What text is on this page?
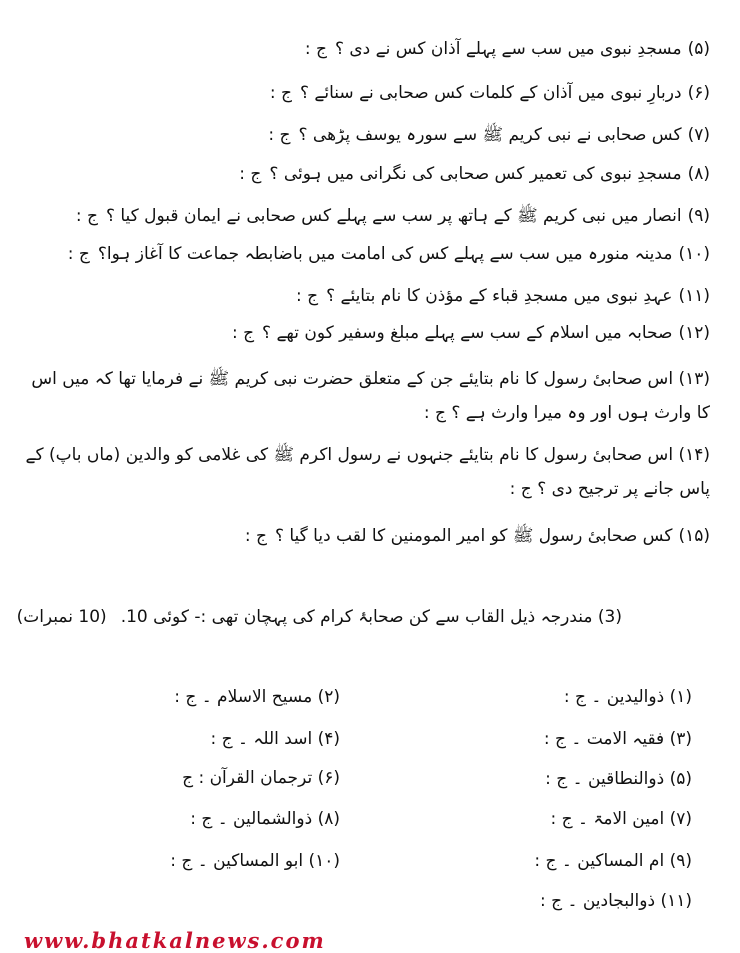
(۵)مسجدِ نبوی میں سب سے پہلے آذان کس نے دی ؟ج :
(۶)دربارِ نبوی میں آذان کے کلمات کس صحابی نے سنائے ؟ج :
(۷)کس صحابی نے نبی کریم ﷺ سے سورہ یوسف پڑھی ؟ج :
(۸)مسجدِ نبوی کی تعمیر کس صحابی کی نگرانی میں ہوئی ؟ج :
(۹)انصار میں نبی کریم ﷺ کے ہاتھ پر سب سے پہلے کس صحابی نے ایمان قبول کیا ؟ج :
(۱۰)مدینہ منورہ میں سب سے پہلے کس کی امامت میں باضابطہ جماعت کا آغاز ہوا؟ج :
(۱۱)عہدِ نبوی میں مسجدِ قباء کے مؤذن کا نام بتایئے ؟ج :
(۱۲)صحابہ میں اسلام کے سب سے پہلے مبلغ وسفیر کون تھے ؟ج :
(۱۳) اس صحابیٔ رسول کا نام بتایئے جن کے متعلق حضرت نبی کریم ﷺ نے فرمایا تھا کہ میں اس کا وارث ہوں اور وہ میرا وارث ہے ؟ ج :
(۱۴) اس صحابیٔ رسول کا نام بتایئے جنہوں نے رسول اکرم ﷺ کی غلامی کو والدین (ماں باپ) کے پاس جانے پر ترجیح دی ؟ ج :
(۱۵)کس صحابیٔ رسول ﷺ کو امیر المومنین کا لقب دیا گیا ؟ج :
(3) مندرجہ ذیل القاب سے کن صحابۂ کرام کی پہچان تھی :- کوئی 10.(10 نمبرات)
(۱) ذوالیدین ۔ ج :
(۲) مسیح الاسلام ۔ ج :
(۳) فقیہ الامت ۔ ج :
(۴) اسد اللہ ۔ ج :
(۵) ذوالنطاقین ۔ ج :
(۶) ترجمان القرآن : ج
(۷) امین الامۃ ۔ ج :
(۸) ذوالشمالین ۔ ج :
(۹) ام المساکین ۔ ج :
(۱۰) ابو المساکین ۔ ج :
(۱۱) ذوالبجادین ۔ ج :
www.bhatkalnews.com
